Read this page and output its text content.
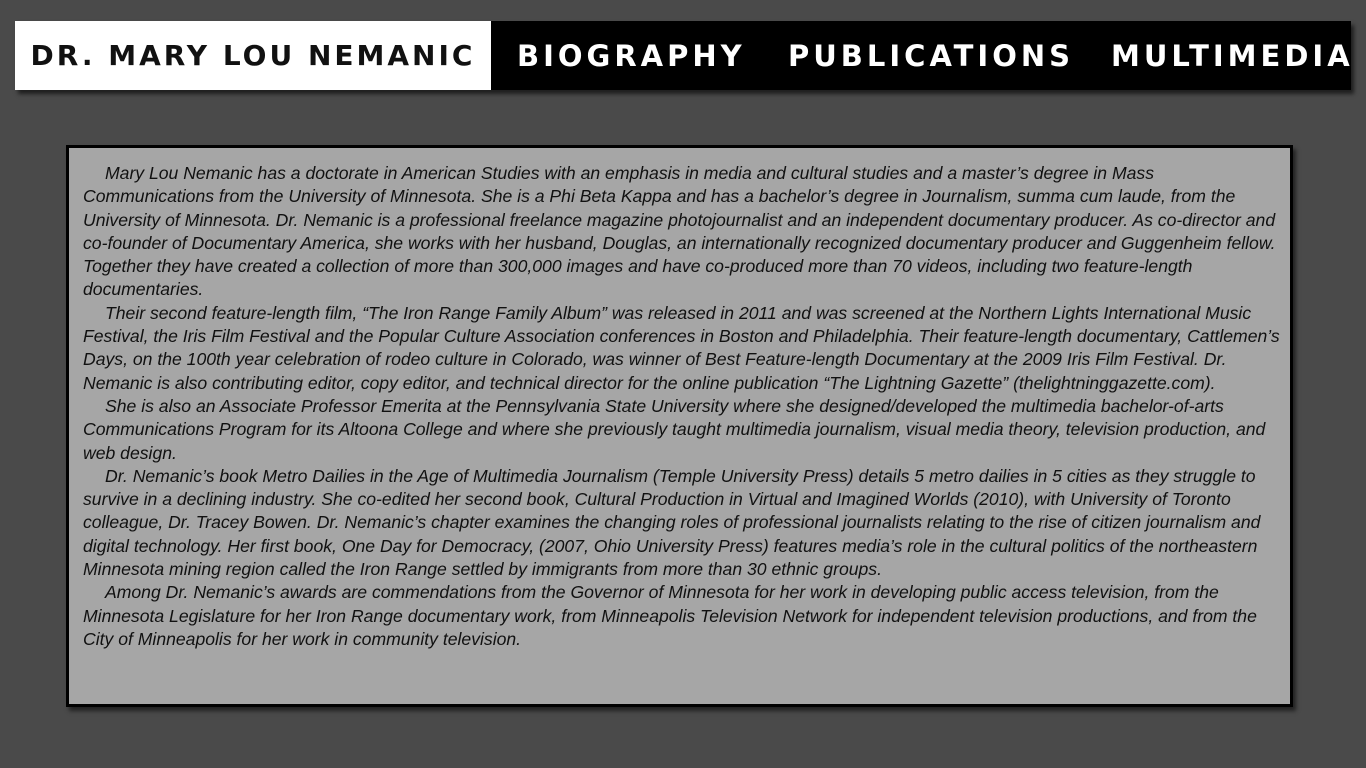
DR. MARY LOU NEMANIC	BIOGRAPHY PUBLICATIONS MULTIMEDIA

Mary Lou Nemanic has a doctorate in American Studies with an emphasis in media and cultural studies and a master’s degree in Mass Communications from the University of Minnesota. She is a Phi Beta Kappa and has a bachelor’s degree in Journalism, summa cum laude, from the University of Minnesota. Dr. Nemanic is a professional freelance magazine photojournalist and an independent documentary producer. As co-director and co-founder of Documentary America, she works with her husband, Douglas, an internationally recognized documentary producer and Guggenheim fellow. Together they have created a collection of more than 300,000 images and have co-produced more than 70 videos, including two feature-length documentaries.

Their second feature-length film, “The Iron Range Family Album” was released in 2011 and was screened at the Northern Lights International Music Festival, the Iris Film Festival and the Popular Culture Association conferences in Boston and Philadelphia. Their feature-length documentary, Cattlemen’s Days, on the 100th year celebration of rodeo culture in Colorado, was winner of Best Feature-length Documentary at the 2009 Iris Film Festival. Dr. Nemanic is also contributing editor, copy editor, and technical director for the online publication “The Lightning Gazette” (thelightninggazette.com).

She is also an Associate Professor Emerita at the Pennsylvania State University where she designed/developed the multimedia bachelor-of-arts Communications Program for its Altoona College and where she previously taught multimedia journalism, visual media theory, television production, and web design.

Dr. Nemanic’s book Metro Dailies in the Age of Multimedia Journalism (Temple University Press) details 5 metro dailies in 5 cities as they struggle to survive in a declining industry. She co-edited her second book, Cultural Production in Virtual and Imagined Worlds (2010), with University of Toronto colleague, Dr. Tracey Bowen. Dr. Nemanic’s chapter examines the changing roles of professional journalists relating to the rise of citizen journalism and digital technology. Her first book, One Day for Democracy, (2007, Ohio University Press) features media’s role in the cultural politics of the northeastern Minnesota mining region called the Iron Range settled by immigrants from more than 30 ethnic groups.

Among Dr. Nemanic’s awards are commendations from the Governor of Minnesota for her work in developing public access television, from the Minnesota Legislature for her Iron Range documentary work, from Minneapolis Television Network for independent television productions, and from the City of Minneapolis for her work in community television.
